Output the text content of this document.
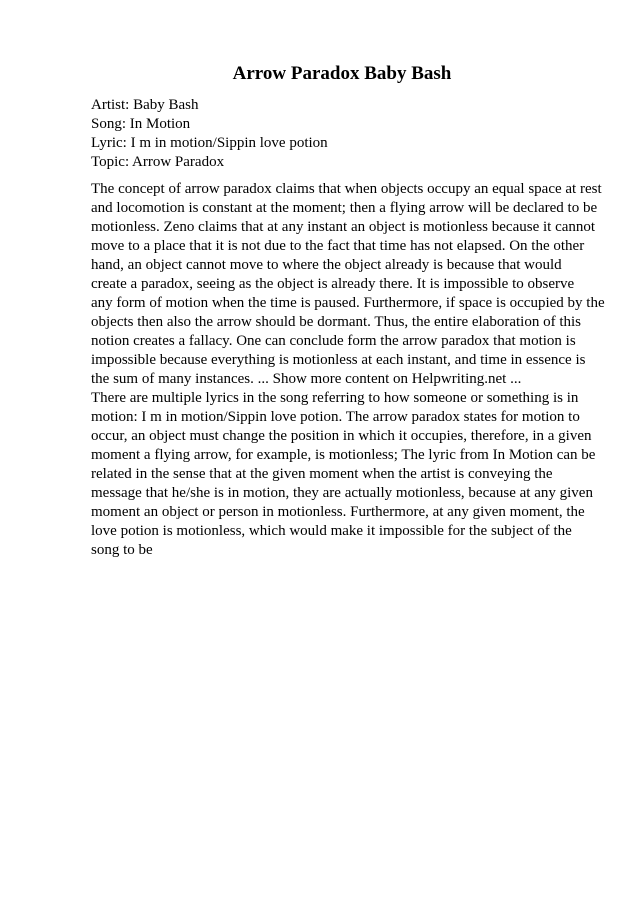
Arrow Paradox Baby Bash
Artist: Baby Bash
Song: In Motion
Lyric: I m in motion/Sippin love potion
Topic: Arrow Paradox
The concept of arrow paradox claims that when objects occupy an equal space at rest
and locomotion is constant at the moment; then a flying arrow will be declared to be
motionless. Zeno claims that at any instant an object is motionless because it cannot
move to a place that it is not due to the fact that time has not elapsed. On the other
hand, an object cannot move to where the object already is because that would
create a paradox, seeing as the object is already there. It is impossible to observe
any form of motion when the time is paused. Furthermore, if space is occupied by the
objects then also the arrow should be dormant. Thus, the entire elaboration of this
notion creates a fallacy. One can conclude form the arrow paradox that motion is
impossible because everything is motionless at each instant, and time in essence is
the sum of many instances. ... Show more content on Helpwriting.net ...
There are multiple lyrics in the song referring to how someone or something is in
motion: I m in motion/Sippin love potion. The arrow paradox states for motion to
occur, an object must change the position in which it occupies, therefore, in a given
moment a flying arrow, for example, is motionless; The lyric from In Motion can be
related in the sense that at the given moment when the artist is conveying the
message that he/she is in motion, they are actually motionless, because at any given
moment an object or person in motionless. Furthermore, at any given moment, the
love potion is motionless, which would make it impossible for the subject of the
song to be
